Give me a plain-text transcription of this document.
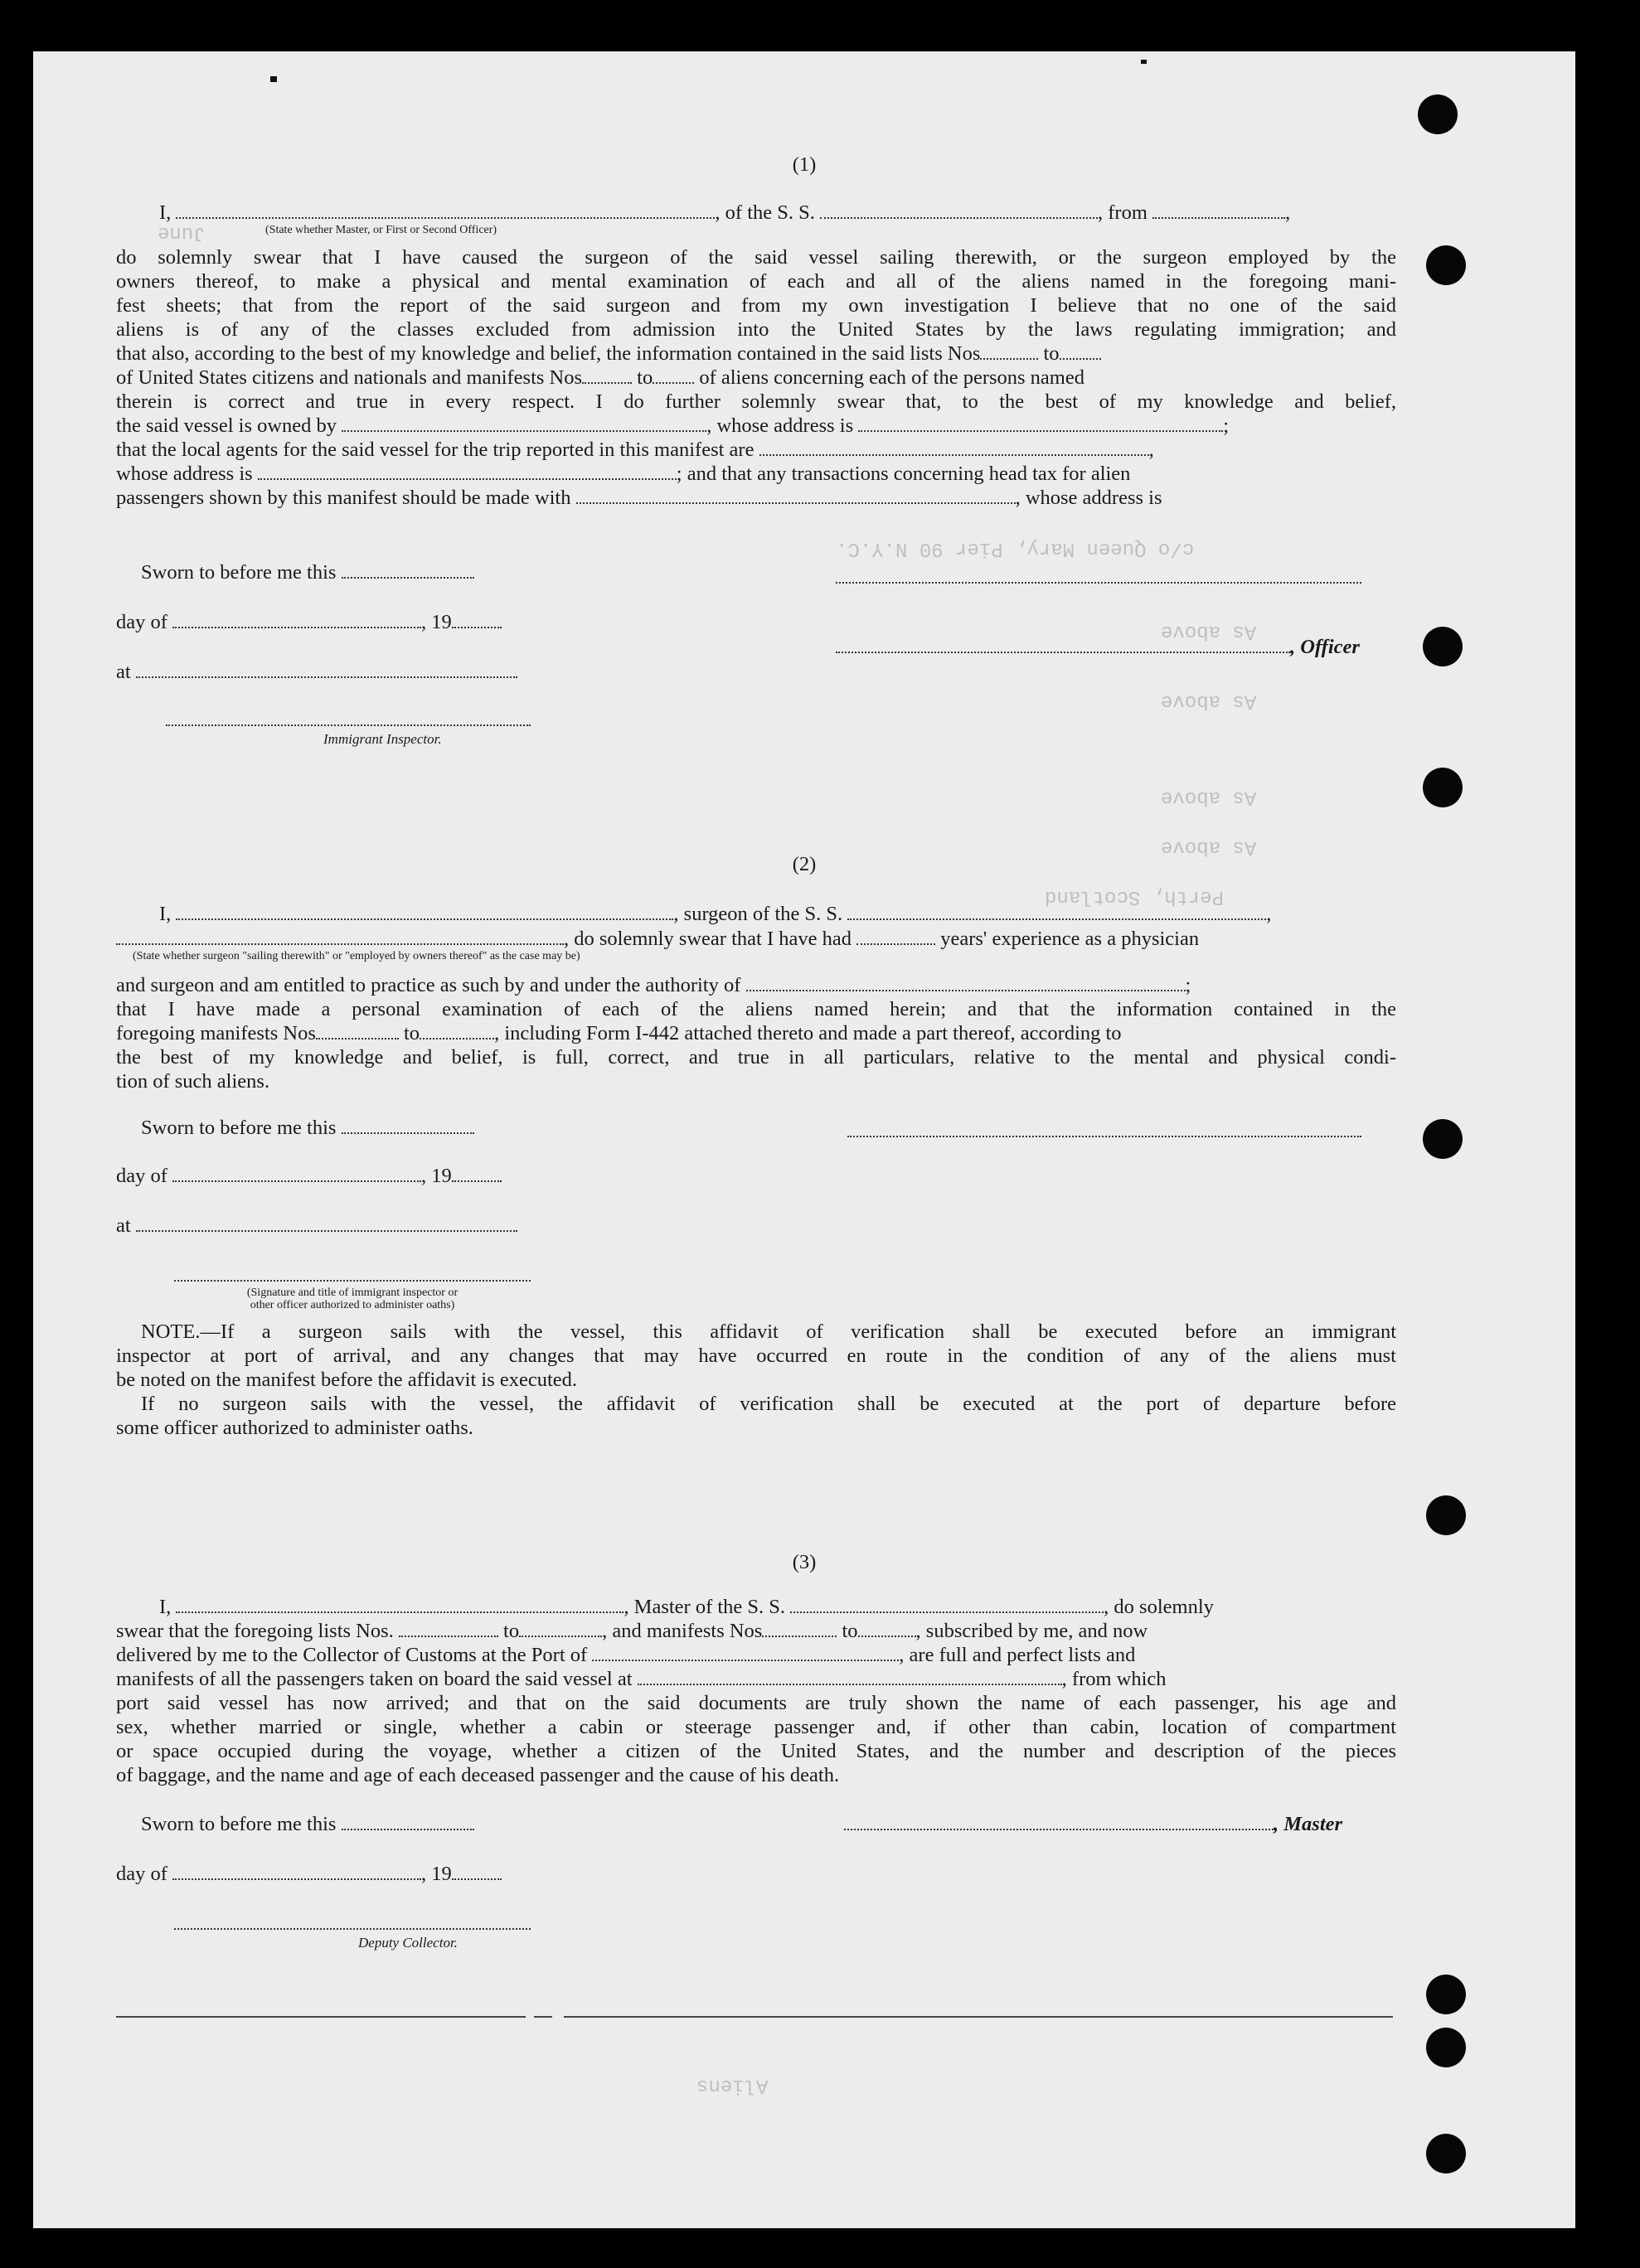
c/o Queen Mary, Pier 90 N.Y.C.
As above
As above
As above
As above
Perth, Scotland
June
Aliens
(1)
I,	, of the S. S.	, from	,
(State whether Master, or First or Second Officer)
do solemnly swear that I have caused the surgeon of the said vessel sailing therewith, or the surgeon employed by the
owners thereof, to make a physical and mental examination of each and all of the aliens named in the foregoing mani-
fest sheets; that from the report of the said surgeon and from my own investigation I believe that no one of the said
aliens is of any of the classes excluded from admission into the United States by the laws regulating immigration; and
that also, according to the best of my knowledge and belief, the information contained in the said lists Nos	to
of United States citizens and nationals and manifests Nos	to of aliens concerning each of the persons named
therein is correct and true in every respect. I do further solemnly swear that, to the best of my knowledge and belief,
the said vessel is owned by	, whose address is	;
that the local agents for the said vessel for the trip reported in this manifest are	,
whose address is	; and that any transactions concerning head tax for alien
passengers shown by this manifest should be made with	, whose address is
Sworn to before me this
day of	, 19
, Officer
at
Immigrant Inspector.
(2)
I,	, surgeon of the S. S.	,
, do solemnly swear that I have had	years' experience as a physician
(State whether surgeon "sailing therewith" or "employed by owners thereof" as the case may be)
and surgeon and am entitled to practice as such by and under the authority of	;
that I have made a personal examination of each of the aliens named herein; and that the information contained in the
foregoing manifests Nos	to	, including Form I-442 attached thereto and made a part thereof, according to
the best of my knowledge and belief, is full, correct, and true in all particulars, relative to the mental and physical condi-
tion of such aliens.
Sworn to before me this
day of	, 19
at
(Signature and title of immigrant inspector or
other officer authorized to administer oaths)
NOTE.—If a surgeon sails with the vessel, this affidavit of verification shall be executed before an immigrant
inspector at port of arrival, and any changes that may have occurred en route in the condition of any of the aliens must
be noted on the manifest before the affidavit is executed.
If no surgeon sails with the vessel, the affidavit of verification shall be executed at the port of departure before
some officer authorized to administer oaths.
(3)
I,	, Master of the S. S.	, do solemnly
swear that the foregoing lists Nos.	to	, and manifests Nos	to	, subscribed by me, and now
delivered by me to the Collector of Customs at the Port of	, are full and perfect lists and
manifests of all the passengers taken on board the said vessel at	, from which
port said vessel has now arrived; and that on the said documents are truly shown the name of each passenger, his age and
sex, whether married or single, whether a cabin or steerage passenger and, if other than cabin, location of compartment
or space occupied during the voyage, whether a citizen of the United States, and the number and description of the pieces
of baggage, and the name and age of each deceased passenger and the cause of his death.
Sworn to before me this	, Master
day of	, 19
Deputy Collector.
